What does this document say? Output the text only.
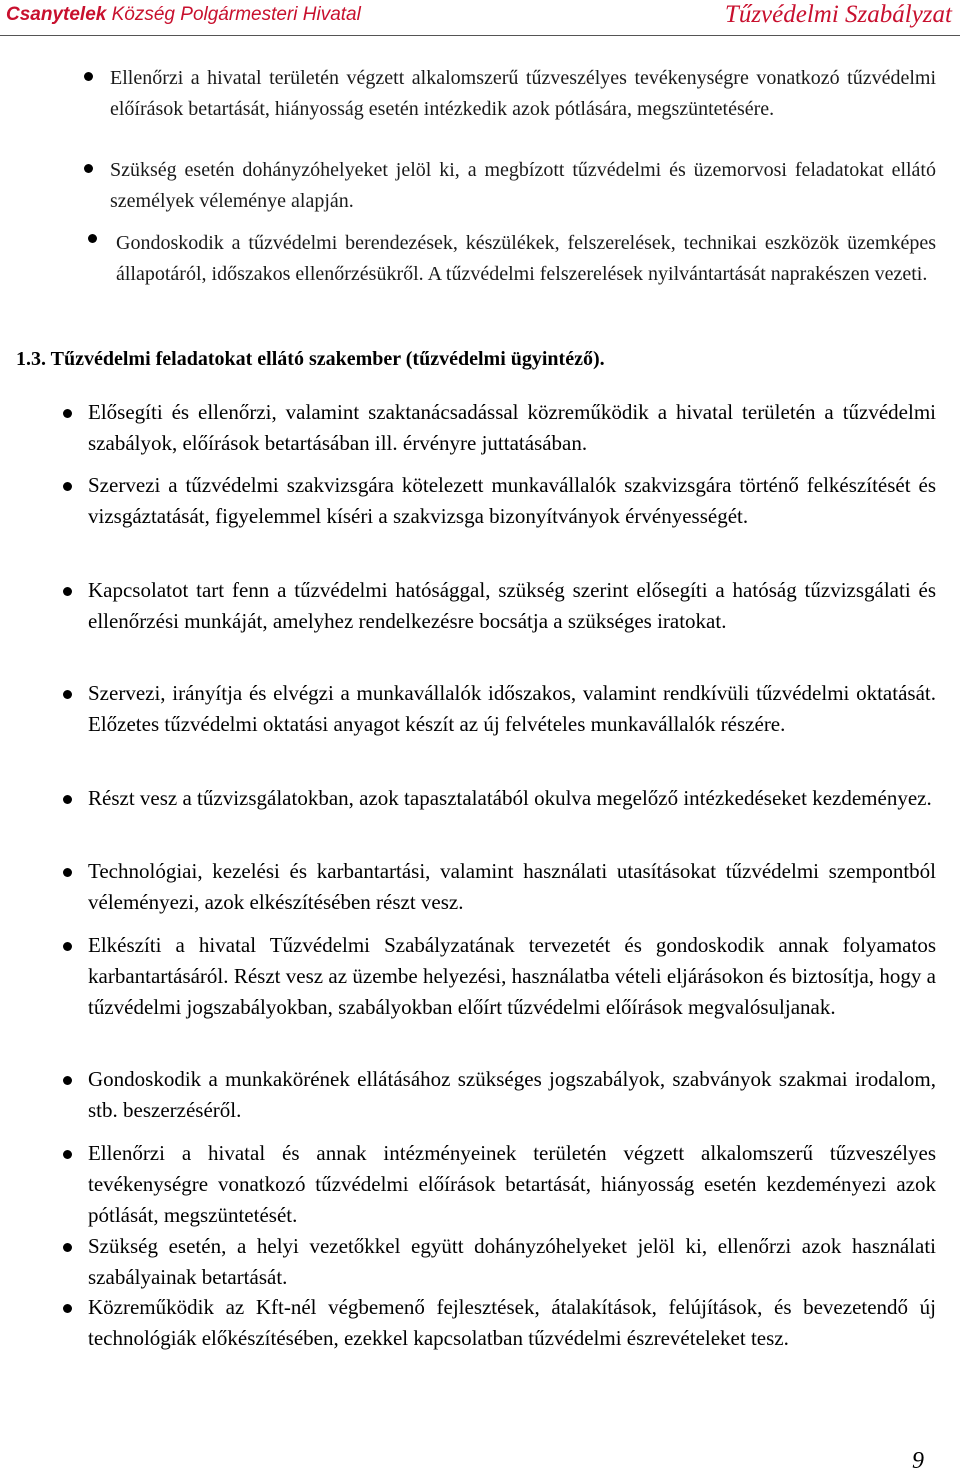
Csanytelek Község Polgármesteri Hivatal	Tűzvédelmi Szabályzat
Ellenőrzi a hivatal területén végzett alkalomszerű tűzveszélyes tevékenységre vonatkozó tűzvédelmi előírások betartását, hiányosság esetén intézkedik azok pótlására, megszüntetésére.
Szükség esetén dohányzóhelyeket jelöl ki, a megbízott tűzvédelmi és üzemorvosi feladatokat ellátó személyek véleménye alapján.
Gondoskodik a tűzvédelmi berendezések, készülékek, felszerelések, technikai eszközök üzemképes állapotáról, időszakos ellenőrzésükről. A tűzvédelmi felszerelések nyilvántartását naprakészen vezeti.
1.3. Tűzvédelmi feladatokat ellátó szakember (tűzvédelmi ügyintéző).
Elősegíti és ellenőrzi, valamint szaktanácsadással közreműködik a hivatal területén a tűzvédelmi szabályok, előírások betartásában ill. érvényre juttatásában.
Szervezi a tűzvédelmi szakvizsgára kötelezett munkavállalók szakvizsgára történő felkészítését és vizsgáztatását, figyelemmel kíséri a szakvizsga bizonyítványok érvényességét.
Kapcsolatot tart fenn a tűzvédelmi hatósággal, szükség szerint elősegíti a hatóság tűzvizsgálati és ellenőrzési munkáját, amelyhez rendelkezésre bocsátja a szükséges iratokat.
Szervezi, irányítja és elvégzi a munkavállalók időszakos, valamint rendkívüli tűzvédelmi oktatását. Előzetes tűzvédelmi oktatási anyagot készít az új felvételes munkavállalók részére.
Részt vesz a tűzvizsgálatokban, azok tapasztalatából okulva megelőző intézkedéseket kezdeményez.
Technológiai, kezelési és karbantartási, valamint használati utasításokat tűzvédelmi szempontból véleményezi, azok elkészítésében részt vesz.
Elkészíti a hivatal Tűzvédelmi Szabályzatának tervezetét és gondoskodik annak folyamatos karbantartásáról. Részt vesz az üzembe helyezési, használatba vételi eljárásokon és biztosítja, hogy a tűzvédelmi jogszabályokban, szabályokban előírt tűzvédelmi előírások megvalósuljanak.
Gondoskodik a munkakörének ellátásához szükséges jogszabályok, szabványok szakmai irodalom, stb. beszerzéséről.
Ellenőrzi a hivatal és annak intézményeinek területén végzett alkalomszerű tűzveszélyes tevékenységre vonatkozó tűzvédelmi előírások betartását, hiányosság esetén kezdeményezi azok pótlását, megszüntetését.
Szükség esetén, a helyi vezetőkkel együtt dohányzóhelyeket jelöl ki, ellenőrzi azok használati szabályainak betartását.
Közreműködik az Kft-nél végbemenő fejlesztések, átalakítások, felújítások, és bevezetendő új technológiák előkészítésében, ezekkel kapcsolatban tűzvédelmi észrevételeket tesz.
9
